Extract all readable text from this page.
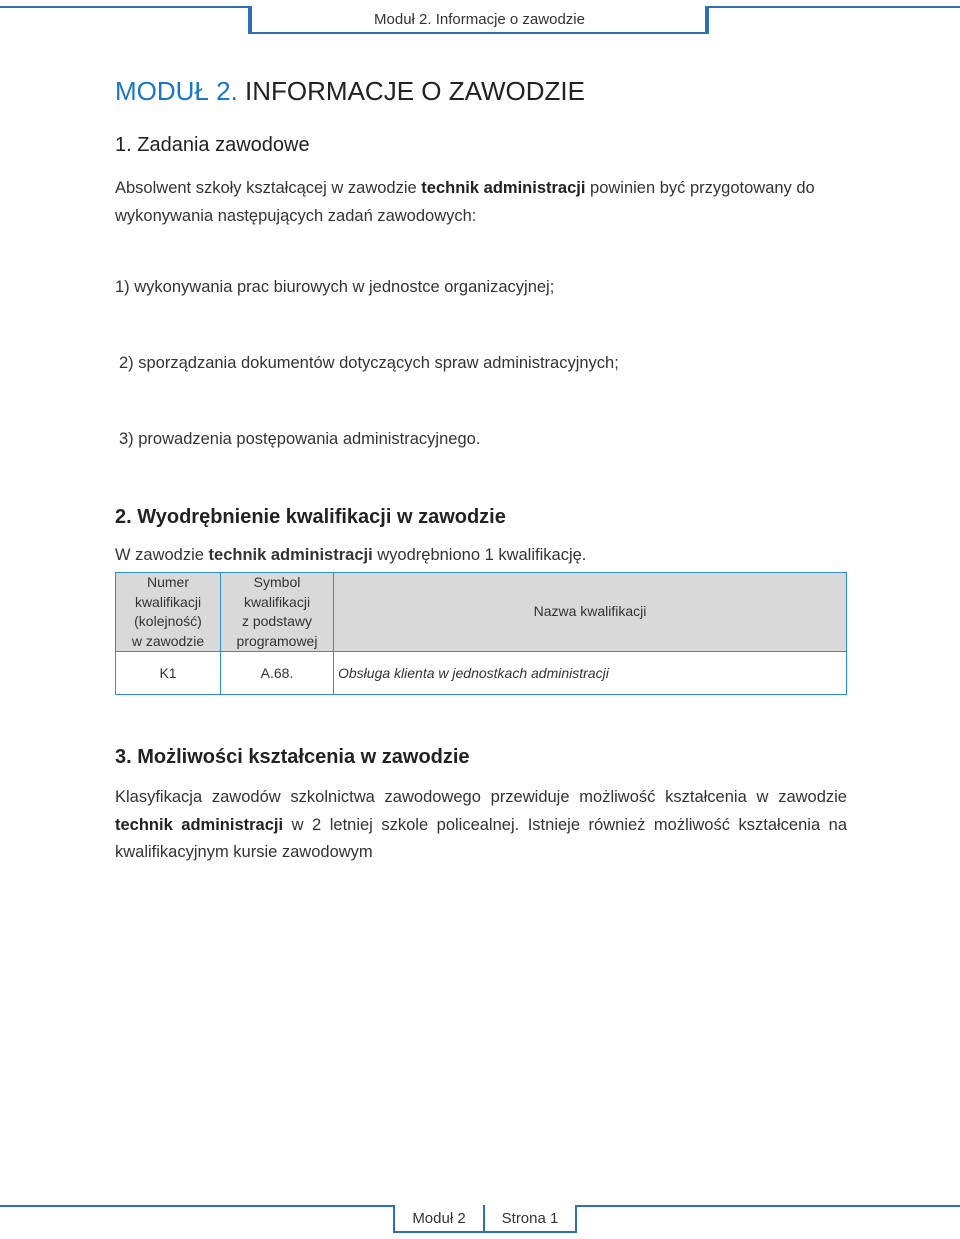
Moduł 2. Informacje o zawodzie
MODUŁ 2. INFORMACJE O ZAWODZIE
1. Zadania zawodowe

Absolwent szkoły kształcącej w zawodzie technik administracji powinien być przygotowany do wykonywania następujących zadań zawodowych:

1) wykonywania prac biurowych w jednostce organizacyjnej;

2) sporządzania dokumentów dotyczących spraw administracyjnych;

3) prowadzenia postępowania administracyjnego.

2. Wyodrębnienie kwalifikacji w zawodzie

W zawodzie technik administracji wyodrębniono 1 kwalifikację.

Numer
kwalifikacji
(kolejność)
w zawodzie	Symbol
kwalifikacji
z podstawy
programowej	Nazwa kwalifikacji
K1	A.68.	Obsługa klienta w jednostkach administracji
3. Możliwości kształcenia w zawodzie

Klasyfikacja zawodów szkolnictwa zawodowego przewiduje możliwość kształcenia w zawodzie technik administracji w 2 letniej szkole policealnej. Istnieje również możliwość kształcenia na kwalifikacyjnym kursie zawodowym

Moduł 2	Strona 1
